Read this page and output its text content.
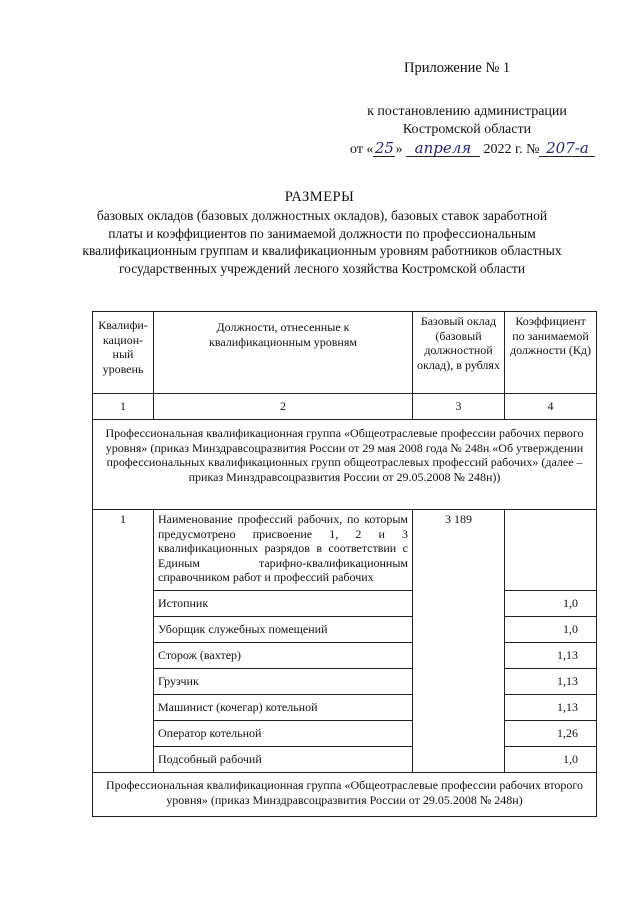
Приложение № 1
к постановлению администрации
Костромской области
от «25» апреля 2022 г. № 207-а
РАЗМЕРЫ
базовых окладов (базовых должностных окладов), базовых ставок заработной платы и коэффициентов по занимаемой должности по профессиональным квалификационным группам и квалификационным уровням работников областных государственных учреждений лесного хозяйства Костромской области
Квалифи-кацион-ный уровень	Должности, отнесенные к квалификационным уровням	Базовый оклад (базовый должностной оклад), в рублях	Коэффициент по занимаемой должности (Кд)
1	2	3	4
Профессиональная квалификационная группа «Общеотраслевые профессии рабочих первого уровня» (приказ Минздравсоцразвития России от 29 мая 2008 года № 248н «Об утверждении профессиональных квалификационных групп общеотраслевых профессий рабочих» (далее – приказ Минздравсоцразвития России от 29.05.2008 № 248н))			
1	Наименование профессий рабочих, по которым предусмотрено присвоение 1, 2 и 3 квалификационных разрядов в соответствии с Единым тарифно-квалификационным справочником работ и профессий рабочих	3 189	
	Истопник		1,0
	Уборщик служебных помещений		1,0
	Сторож (вахтер)		1,13
	Грузчик		1,13
	Машинист (кочегар) котельной		1,13
	Оператор котельной		1,26
	Подсобный рабочий		1,0
Профессиональная квалификационная группа «Общеотраслевые профессии рабочих второго уровня» (приказ Минздравсоцразвития России от 29.05.2008 № 248н)			
